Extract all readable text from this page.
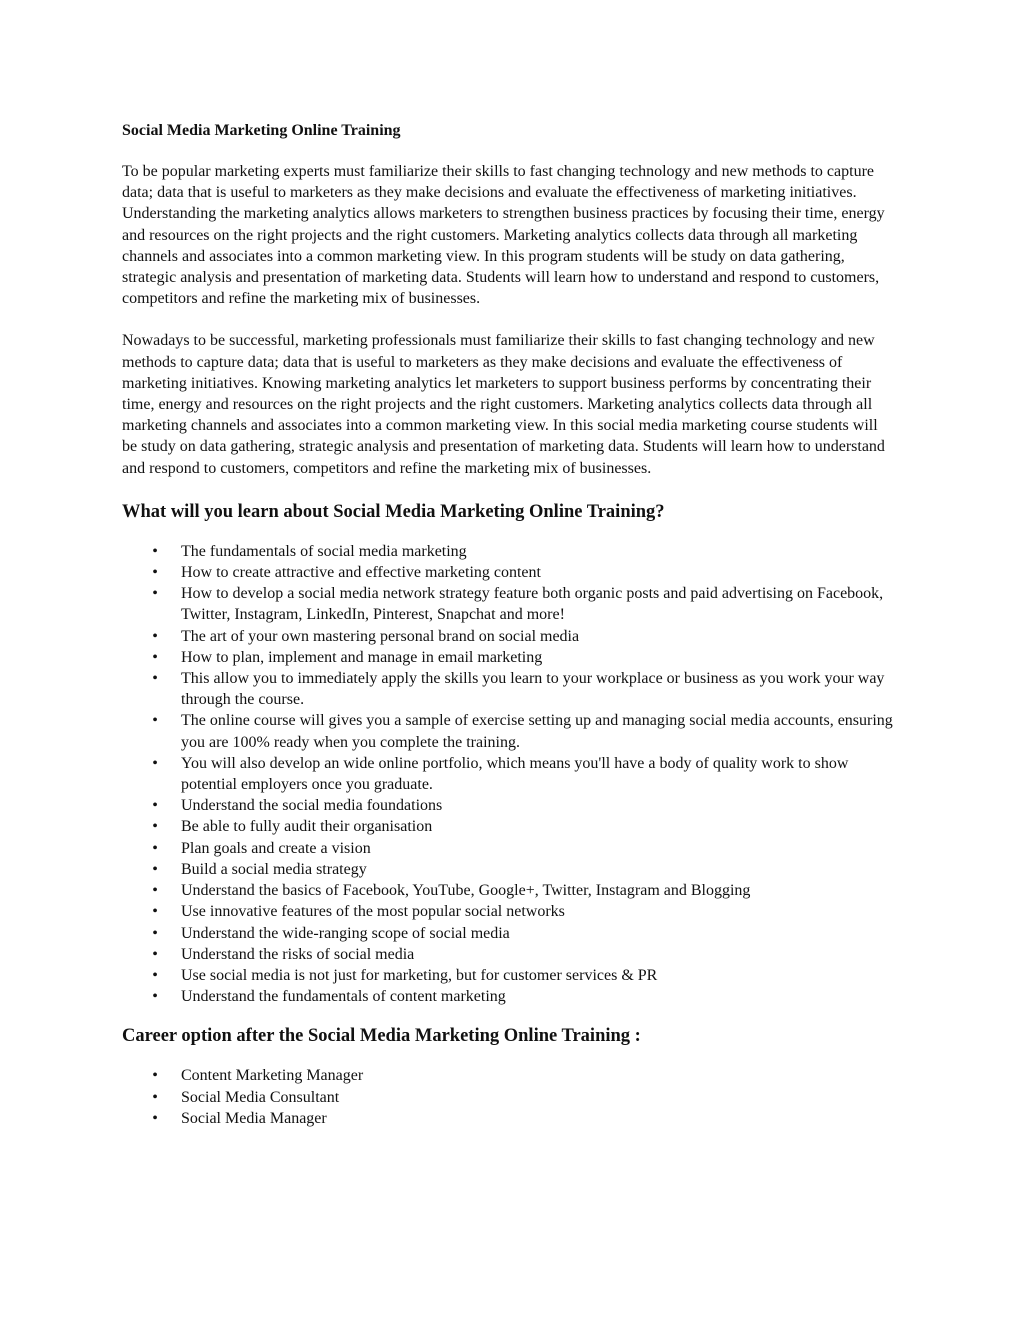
Social Media Marketing Online Training

To be popular marketing experts must familiarize their skills to fast changing technology and new methods to capture data; data that is useful to marketers as they make decisions and evaluate the effectiveness of marketing initiatives. Understanding the marketing analytics allows marketers to strengthen business practices by focusing their time, energy and resources on the right projects and the right customers. Marketing analytics collects data through all marketing channels and associates into a common marketing view. In this program students will be study on data gathering, strategic analysis and presentation of marketing data. Students will learn how to understand and respond to customers, competitors and refine the marketing mix of businesses.

Nowadays to be successful, marketing professionals must familiarize their skills to fast changing technology and new methods to capture data; data that is useful to marketers as they make decisions and evaluate the effectiveness of marketing initiatives. Knowing marketing analytics let marketers to support business performs by concentrating their time, energy and resources on the right projects and the right customers. Marketing analytics collects data through all marketing channels and associates into a common marketing view. In this social media marketing course students will be study on data gathering, strategic analysis and presentation of marketing data. Students will learn how to understand and respond to customers, competitors and refine the marketing mix of businesses.

What will you learn about Social Media Marketing Online Training?
• The fundamentals of social media marketing
• How to create attractive and effective marketing content
• How to develop a social media network strategy feature both organic posts and paid advertising on Facebook, Twitter, Instagram, LinkedIn, Pinterest, Snapchat and more!
• The art of your own mastering personal brand on social media
• How to plan, implement and manage in email marketing
• This allow you to immediately apply the skills you learn to your workplace or business as you work your way through the course.
• The online course will gives you a sample of exercise setting up and managing social media accounts, ensuring you are 100% ready when you complete the training.
• You will also develop an wide online portfolio, which means you'll have a body of quality work to show potential employers once you graduate.
• Understand the social media foundations
• Be able to fully audit their organisation
• Plan goals and create a vision
• Build a social media strategy
• Understand the basics of Facebook, YouTube, Google+, Twitter, Instagram and Blogging
• Use innovative features of the most popular social networks
• Understand the wide-ranging scope of social media
• Understand the risks of social media
• Use social media is not just for marketing, but for customer services & PR
• Understand the fundamentals of content marketing
Career option after the Social Media Marketing Online Training :
• Content Marketing Manager
• Social Media Consultant
• Social Media Manager
